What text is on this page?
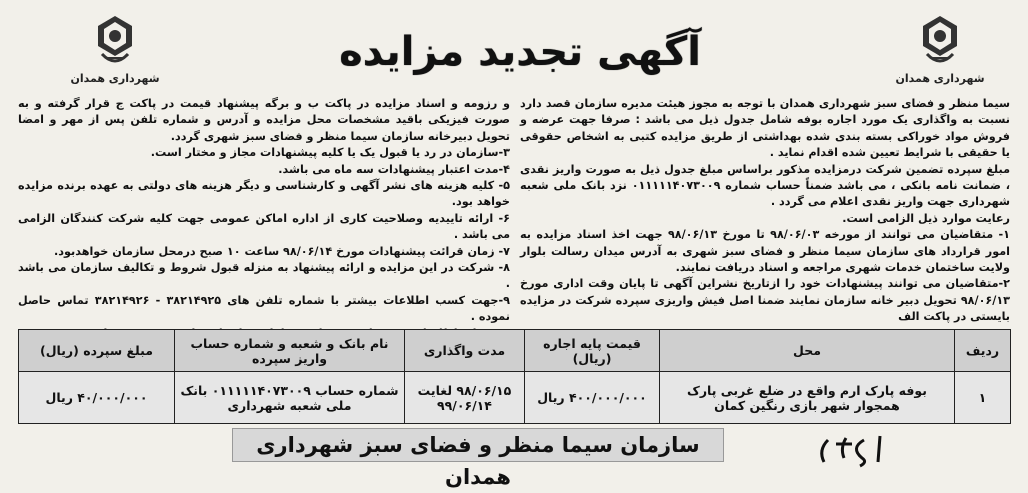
شهرداری همدان
شهرداری همدان
آگهی تجدید مزایده

سیما منظر و فضای سبز شهرداری همدان با توجه به مجوز هیئت مدیره سازمان قصد دارد نسبت به واگذاری یک مورد اجاره بوفه شامل جدول ذیل می باشد : صرفا جهت عرضه و فروش مواد خوراکی بسته بندی شده بهداشتی از طریق مزایده کتبی به اشخاص حقوقی یا حقیقی با شرایط تعیین شده اقدام نماید .

مبلغ سپرده تضمین شرکت درمزایده مذکور براساس مبلغ جدول ذیل به صورت واریز نقدی ، ضمانت نامه بانکی ، می باشد ضمناً حساب شماره ۰۱۱۱۱۱۴۰۷۳۰۰۹ نزد بانک ملی شعبه شهرداری جهت واریز نقدی اعلام می گردد .

رعایت موارد ذیل الزامی است.

۱- متقاضیان می توانند از مورخه ۹۸/۰۶/۰۳ تا مورخ ۹۸/۰۶/۱۳ جهت اخذ اسناد مزایده به امور قرارداد های سازمان سیما منظر و فضای سبز شهری به آدرس میدان رسالت بلوار ولایت ساختمان خدمات شهری مراجعه و اسناد دریافت نمایند.

۲-متقاضیان می توانند پیشنهادات خود را ازتاریخ نشراین آگهی تا پایان وقت اداری مورخ ۹۸/۰۶/۱۳ تحویل دبیر خانه سازمان نمایند ضمنا اصل فیش واریزی سپرده شرکت در مزایده بایستی در پاکت الف

و رزومه و اسناد مزایده در پاکت ب و برگه پیشنهاد قیمت در پاکت ج قرار گرفته و به صورت فیزیکی باقید مشخصات محل مزایده و آدرس و شماره تلفن پس از مهر و امضا تحویل دبیرخانه سازمان سیما منظر و فضای سبز شهری گردد.

۳-سازمان در رد یا قبول یک یا کلیه پیشنهادات مجاز و مختار است.

۴-مدت اعتبار پیشنهادات سه ماه می باشد.

۵- کلیه هزینه های نشر آگهی و کارشناسی و دیگر هزینه های دولتی به عهده برنده مزایده خواهد بود.

۶- ارائه تاییدیه وصلاحیت کاری از اداره اماکن عمومی جهت کلیه شرکت کنندگان الزامی می باشد .

۷- زمان قرائت پیشنهادات مورخ ۹۸/۰۶/۱۴ ساعت ۱۰ صبح درمحل سازمان خواهدبود.

۸- شرکت در این مزایده و ارائه پیشنهاد به منزله قبول شروط و تکالیف سازمان می باشد .

۹-جهت کسب اطلاعات بیشتر با شماره تلفن های ۳۸۲۱۴۹۲۵ - ۳۸۲۱۴۹۲۶ تماس حاصل نموده .

۱۰- سایر اطلاعات و جزئیات مربوط به معامله در اسناد مزایده مندرج می باشد.

ردیف	محل	قیمت پایه اجاره (ریال)	مدت واگذاری	نام بانک و شعبه و شماره حساب واریز سپرده	مبلغ سپرده (ریال)
۱	بوفه پارک ارم واقع در ضلع غربی پارک همجوار شهر بازی رنگین کمان	۴۰۰/۰۰۰/۰۰۰ ریال	۹۸/۰۶/۱۵ لغایت ۹۹/۰۶/۱۴	شماره حساب ۰۱۱۱۱۱۴۰۷۳۰۰۹ بانک ملی شعبه شهرداری	۴۰/۰۰۰/۰۰۰ ریال
سازمان سیما منظر و فضای سبز شهرداری همدان
